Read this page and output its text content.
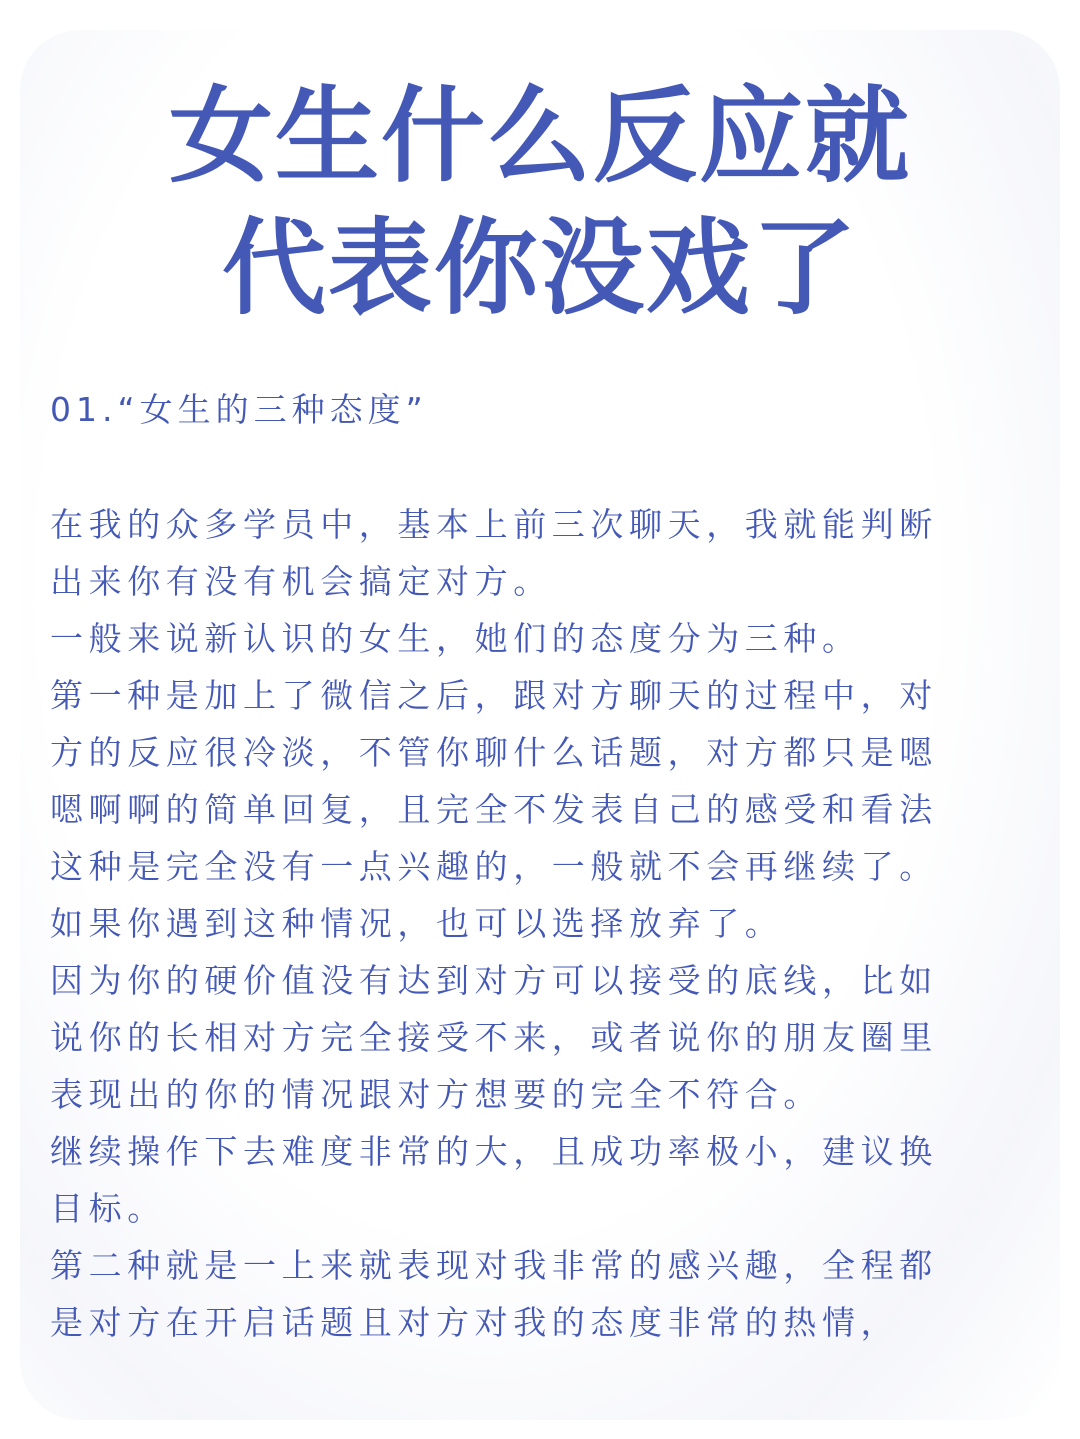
女生什么反应就
代表你没戏了
01.“女生的三种态度”
在我的众多学员中，基本上前三次聊天，我就能判断
出来你有没有机会搞定对方。
一般来说新认识的女生，她们的态度分为三种。
第一种是加上了微信之后，跟对方聊天的过程中，对
方的反应很冷淡，不管你聊什么话题，对方都只是嗯
嗯啊啊的简单回复，且完全不发表自己的感受和看法
这种是完全没有一点兴趣的，一般就不会再继续了。
如果你遇到这种情况，也可以选择放弃了。
因为你的硬价值没有达到对方可以接受的底线，比如
说你的长相对方完全接受不来，或者说你的朋友圈里
表现出的你的情况跟对方想要的完全不符合。
继续操作下去难度非常的大，且成功率极小，建议换
目标。
第二种就是一上来就表现对我非常的感兴趣，全程都
是对方在开启话题且对方对我的态度非常的热情，
